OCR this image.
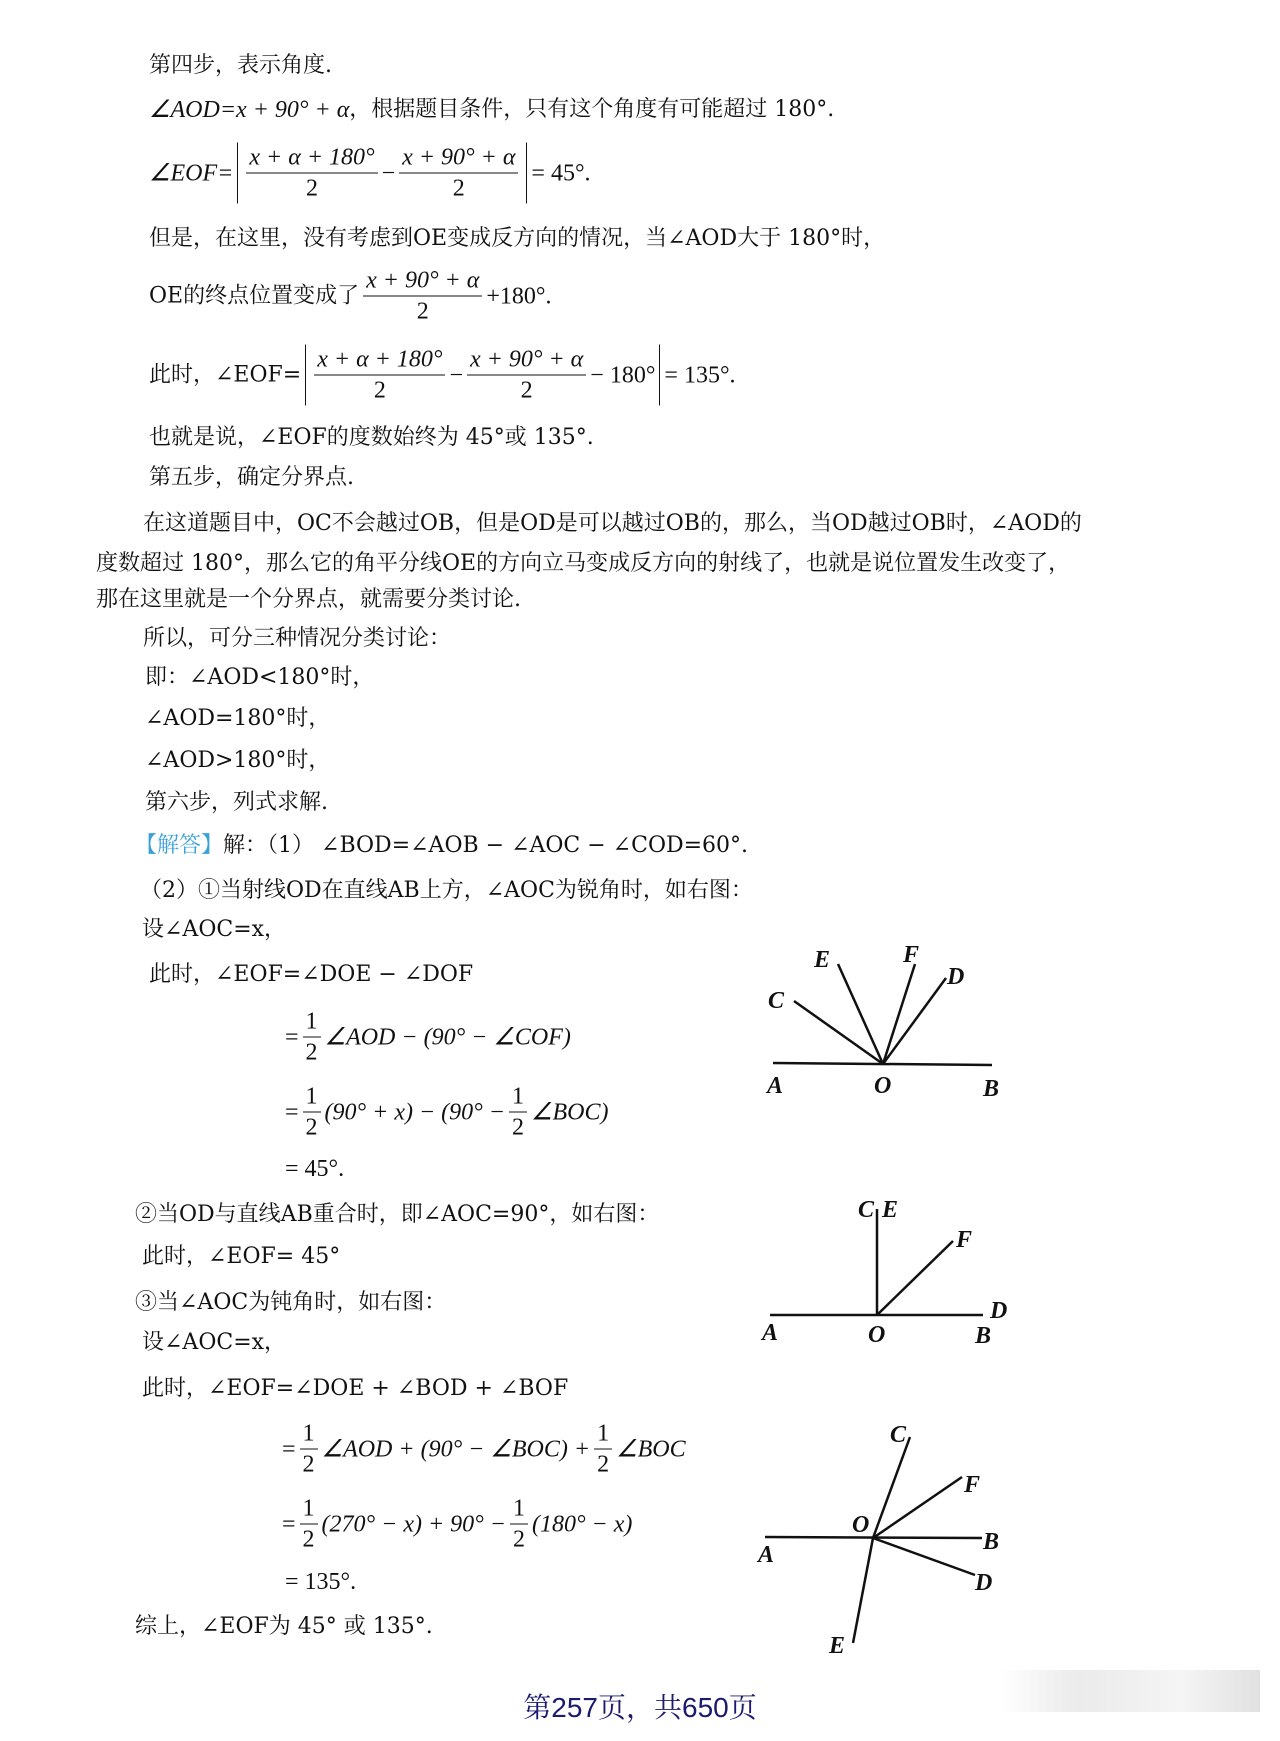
第四步，表示角度.
∠AOD= x + 90° + α ，根据题目条件，只有这个角度有可能超过 180°.
∠EOF= $\frac{x + \alpha + 180^\circ}{2} - \frac{x + 90^\circ + \alpha}{2} = 45^\circ$.
但是，在这里，没有考虑到OE变成反方向的情况，当∠AOD大于 180°时，
OE的终点位置变成了 $\frac{x + 90^\circ + \alpha}{2} +180^\circ$.
此时，∠EOF= $\frac{x + \alpha + 180^\circ}{2} - \frac{x + 90^\circ + \alpha}{2} - 180^\circ = 135^\circ$.
也就是说，∠EOF的度数始终为 45°或 135°.
第五步，确定分界点.
在这道题目中，OC不会越过OB，但是OD是可以越过OB的，那么，当OD越过OB时，∠AOD的
度数超过 180°，那么它的角平分线OE的方向立马变成反方向的射线了，也就是说位置发生改变了，
那在这里就是一个分界点，就需要分类讨论.
所以，可分三种情况分类讨论：
即：∠AOD<180°时，
∠AOD=180°时，
∠AOD>180°时，
第六步，列式求解.
【解答】 解：（1） ∠BOD=∠AOB − ∠AOC − ∠COD=60°.
（2）①当射线OD在直线AB上方，∠AOC为锐角时，如右图：
设∠AOC=x，
此时，∠EOF=∠DOE − ∠DOF
= $\frac{1}{2}$ ∠AOD − (90° − ∠COF)
= $\frac{1}{2} (90^\circ + x) - (90^\circ - \frac{1}{2}$ ∠BOC)
= 45°.
②当OD与直线AB重合时，即∠AOC=90°，如右图：
此时，∠EOF= 45°
③当∠AOC为钝角时，如右图：
设∠AOC=x，
此时，∠EOF=∠DOE + ∠BOD + ∠BOF
= $\frac{1}{2}$ ∠AOD + (90° − ∠BOC) + $\frac{1}{2}$ ∠BOC
= $\frac{1}{2} (270^\circ - x) + 90^\circ - \frac{1}{2} (180^\circ - x)$
= 135°.
综上，∠EOF为 45° 或 135°.
C
E	F
D
A	O	B
C E
F
D
A	O	B
C
F
B
D
O
A
E
第257页，共650页
